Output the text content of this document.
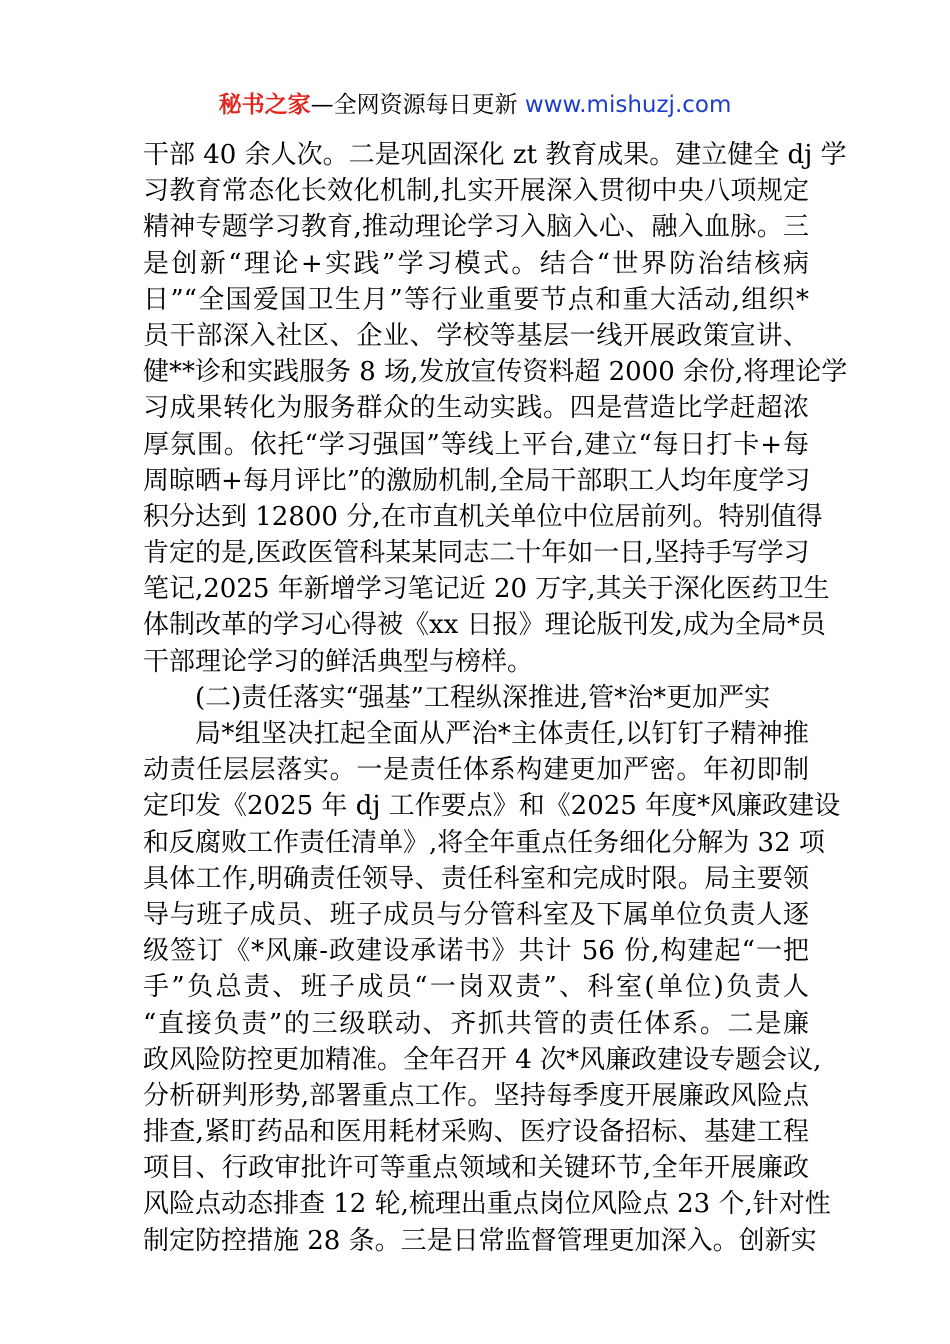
秘书之家—全网资源每日更新 www.mishuzj.com
干部 40 余人次。二是巩固深化 zt 教育成果。建立健全 dj 学
习教育常态化长效化机制,扎实开展深入贯彻中央八项规定
精神专题学习教育,推动理论学习入脑入心、融入血脉。三
是创新“理论+实践”学习模式。结合“世界防治结核病
日”“全国爱国卫生月”等行业重要节点和重大活动,组织*
员干部深入社区、企业、学校等基层一线开展政策宣讲、
健**诊和实践服务 8 场,发放宣传资料超 2000 余份,将理论学
习成果转化为服务群众的生动实践。四是营造比学赶超浓
厚氛围。依托“学习强国”等线上平台,建立“每日打卡+每
周晾晒+每月评比”的激励机制,全局干部职工人均年度学习
积分达到 12800 分,在市直机关单位中位居前列。特别值得
肯定的是,医政医管科某某同志二十年如一日,坚持手写学习
笔记,2025 年新增学习笔记近 20 万字,其关于深化医药卫生
体制改革的学习心得被《xx 日报》理论版刊发,成为全局*员
干部理论学习的鲜活典型与榜样。
(二)责任落实“强基”工程纵深推进,管*治*更加严实
局*组坚决扛起全面从严治*主体责任,以钉钉子精神推
动责任层层落实。一是责任体系构建更加严密。年初即制
定印发《2025 年 dj 工作要点》和《2025 年度*风廉政建设
和反腐败工作责任清单》,将全年重点任务细化分解为 32 项
具体工作,明确责任领导、责任科室和完成时限。局主要领
导与班子成员、班子成员与分管科室及下属单位负责人逐
级签订《*风廉-政建设承诺书》共计 56 份,构建起“一把
手”负总责、班子成员“一岗双责”、科室(单位)负责人
“直接负责”的三级联动、齐抓共管的责任体系。二是廉
政风险防控更加精准。全年召开 4 次*风廉政建设专题会议,
分析研判形势,部署重点工作。坚持每季度开展廉政风险点
排查,紧盯药品和医用耗材采购、医疗设备招标、基建工程
项目、行政审批许可等重点领域和关键环节,全年开展廉政
风险点动态排查 12 轮,梳理出重点岗位风险点 23 个,针对性
制定防控措施 28 条。三是日常监督管理更加深入。创新实
